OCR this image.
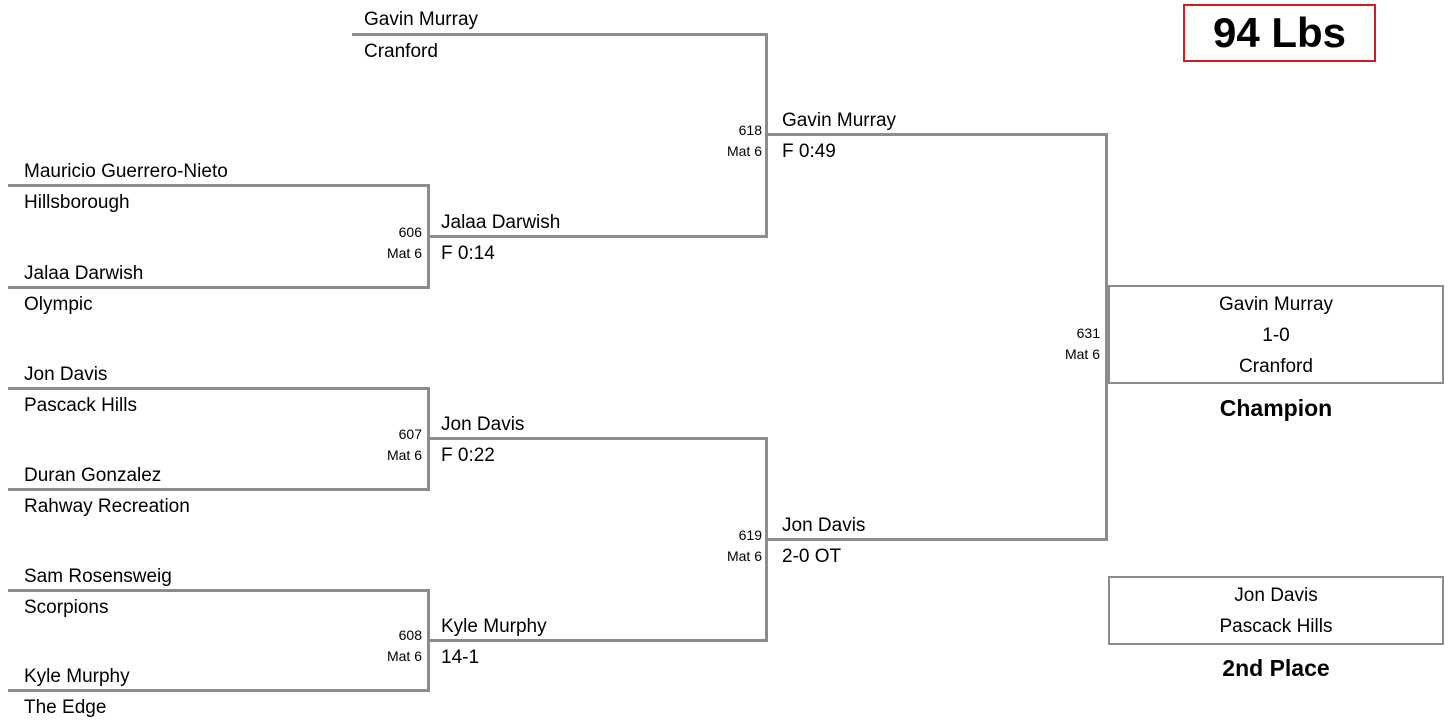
94 Lbs
Gavin Murray
Cranford
Mauricio Guerrero-Nieto
Hillsborough
Jalaa Darwish
Olympic
606
Mat 6
Jon Davis
Pascack Hills
Duran Gonzalez
Rahway Recreation
607
Mat 6
Sam Rosensweig
Scorpions
Kyle Murphy
The Edge
608
Mat 6
Jalaa Darwish
F 0:14
Jon Davis
F 0:22
Kyle Murphy
14-1
618
Mat 6
Gavin Murray
F 0:49
619
Mat 6
Jon Davis
2-0 OT
631
Mat 6
Gavin Murray
1-0
Cranford
Champion
Jon Davis
Pascack Hills
2nd Place
